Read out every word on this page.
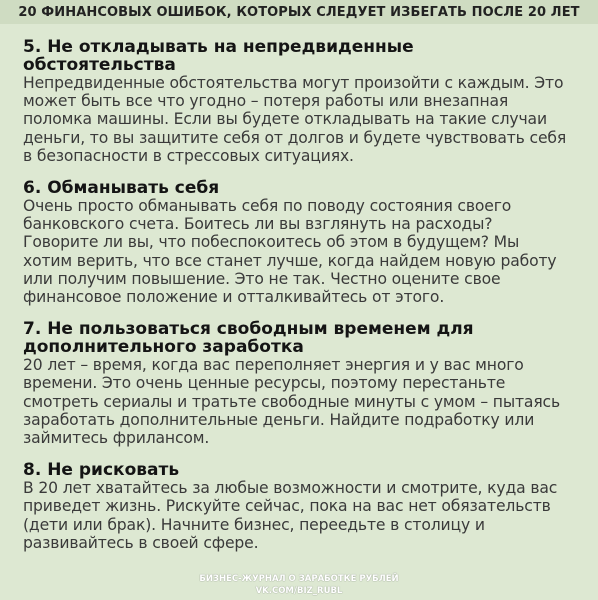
20 ФИНАНСОВЫХ ОШИБОК, КОТОРЫХ СЛЕДУЕТ ИЗБЕГАТЬ ПОСЛЕ 20 ЛЕТ

5. Не откладывать на непредвиденные обстоятельства

Непредвиденные обстоятельства могут произойти с каждым. Это может быть все что угодно – потеря работы или внезапная поломка машины. Если вы будете откладывать на такие случаи деньги, то вы защитите себя от долгов и будете чувствовать себя в безопасности в стрессовых ситуациях.

6. Обманывать себя

Очень просто обманывать себя по поводу состояния своего банковского счета. Боитесь ли вы взглянуть на расходы? Говорите ли вы, что побеспокоитесь об этом в будущем? Мы хотим верить, что все станет лучше, когда найдем новую работу или получим повышение. Это не так. Честно оцените свое финансовое положение и отталкивайтесь от этого.

7. Не пользоваться свободным временем для дополнительного заработка

20 лет – время, когда вас переполняет энергия и у вас много времени. Это очень ценные ресурсы, поэтому перестаньте смотреть сериалы и тратьте свободные минуты с умом – пытаясь заработать дополнительные деньги. Найдите подработку или займитесь фрилансом.

8. Не рисковать

В 20 лет хватайтесь за любые возможности и смотрите, куда вас приведет жизнь. Рискуйте сейчас, пока на вас нет обязательств (дети или брак). Начните бизнес, переедьте в столицу и развивайтесь в своей сфере.

БИЗНЕС-ЖУРНАЛ О ЗАРАБОТКЕ РУБЛЕЙ
VK.COM/BIZ_RUBL
